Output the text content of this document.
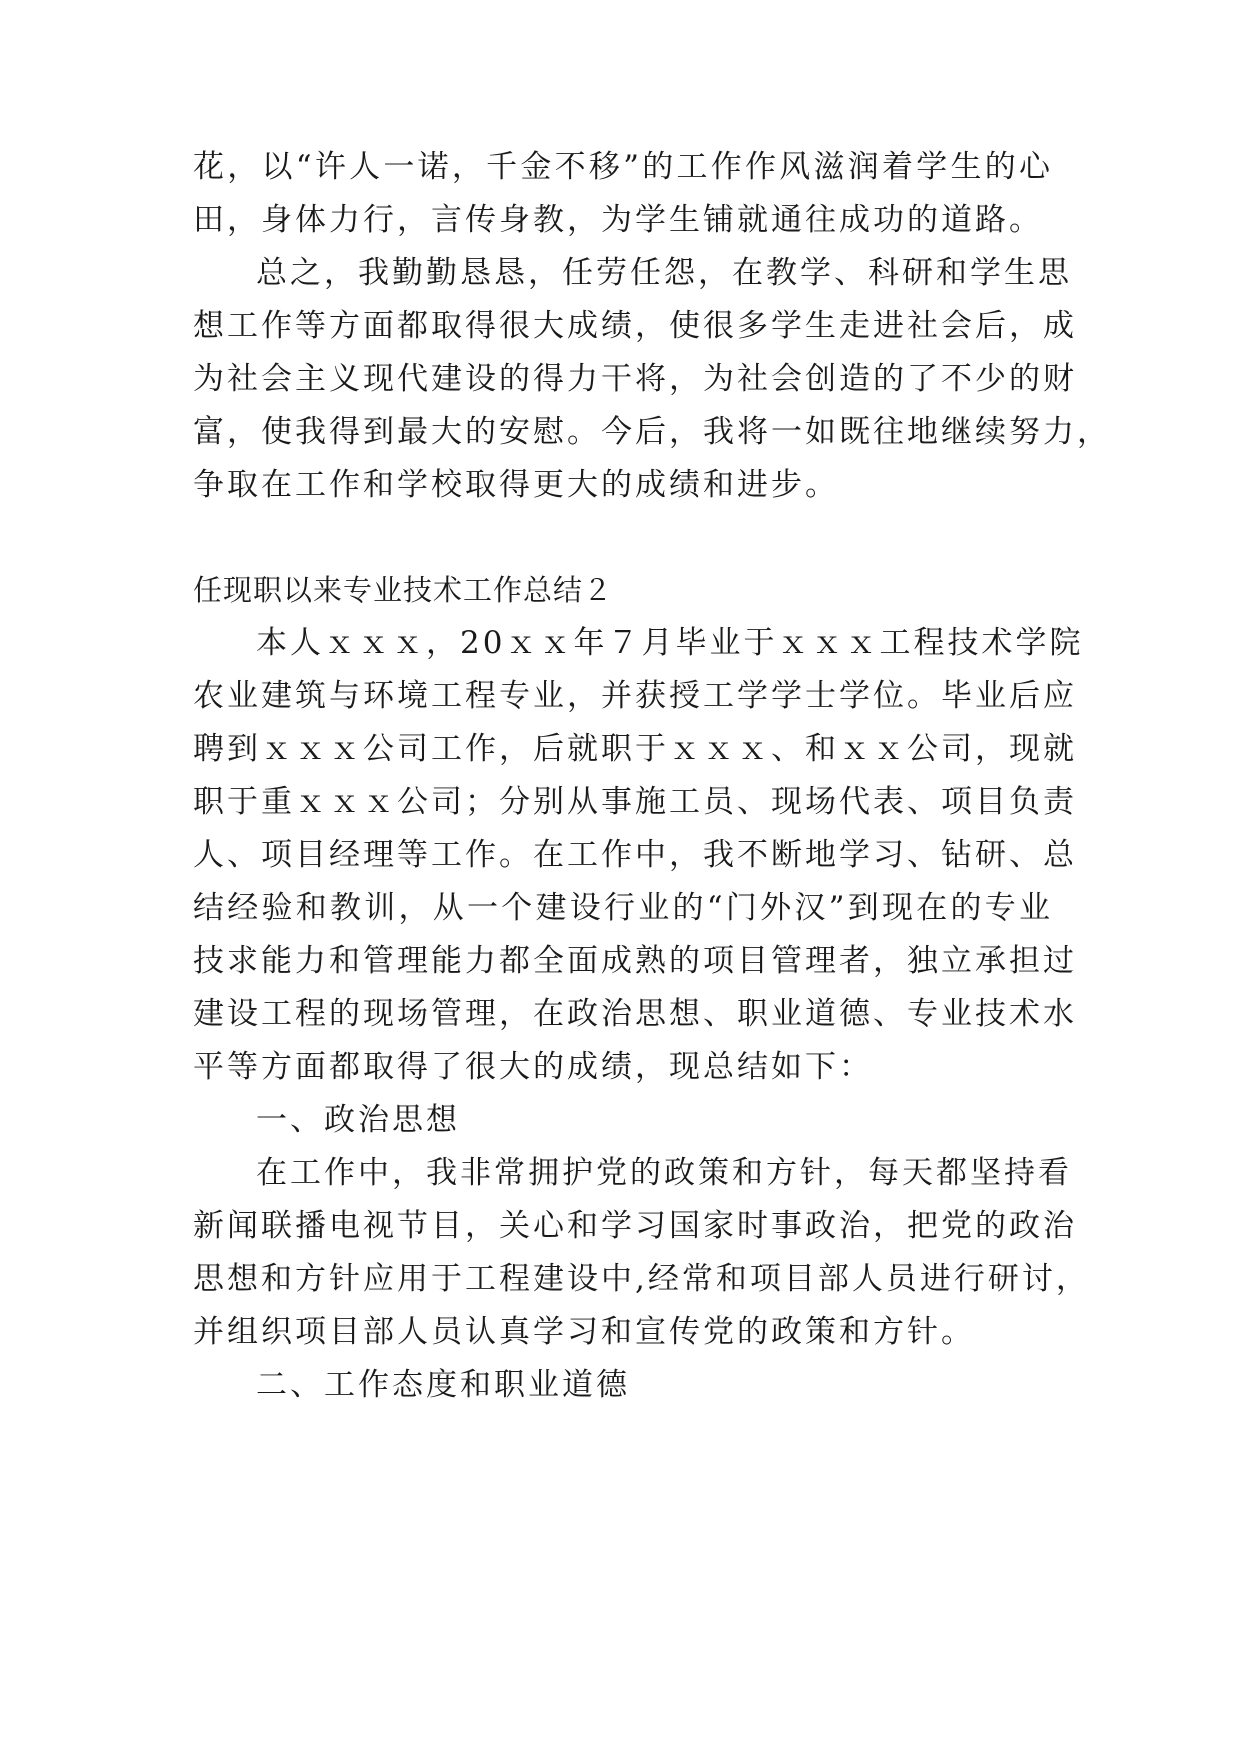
花，以“许人一诺，千金不移”的工作作风滋润着学生的心
田，身体力行，言传身教，为学生铺就通往成功的道路。
总之，我勤勤恳恳，任劳任怨，在教学、科研和学生思
想工作等方面都取得很大成绩，使很多学生走进社会后，成
为社会主义现代建设的得力干将，为社会创造的了不少的财
富，使我得到最大的安慰。今后，我将一如既往地继续努力，
争取在工作和学校取得更大的成绩和进步。
任现职以来专业技术工作总结２
本人ｘｘｘ，20ｘｘ年７月毕业于ｘｘｘ工程技术学院
农业建筑与环境工程专业，并获授工学学士学位。毕业后应
聘到ｘｘｘ公司工作，后就职于ｘｘｘ、和ｘｘ公司，现就
职于重ｘｘｘ公司；分别从事施工员、现场代表、项目负责
人、项目经理等工作。在工作中，我不断地学习、钻研、总
结经验和教训，从一个建设行业的“门外汉”到现在的专业
技求能力和管理能力都全面成熟的项目管理者，独立承担过
建设工程的现场管理，在政治思想、职业道德、专业技术水
平等方面都取得了很大的成绩，现总结如下：
一、政治思想
在工作中，我非常拥护党的政策和方针，每天都坚持看
新闻联播电视节目，关心和学习国家时事政治，把党的政治
思想和方针应用于工程建设中,经常和项目部人员进行研讨，
并组织项目部人员认真学习和宣传党的政策和方针。
二、工作态度和职业道德
